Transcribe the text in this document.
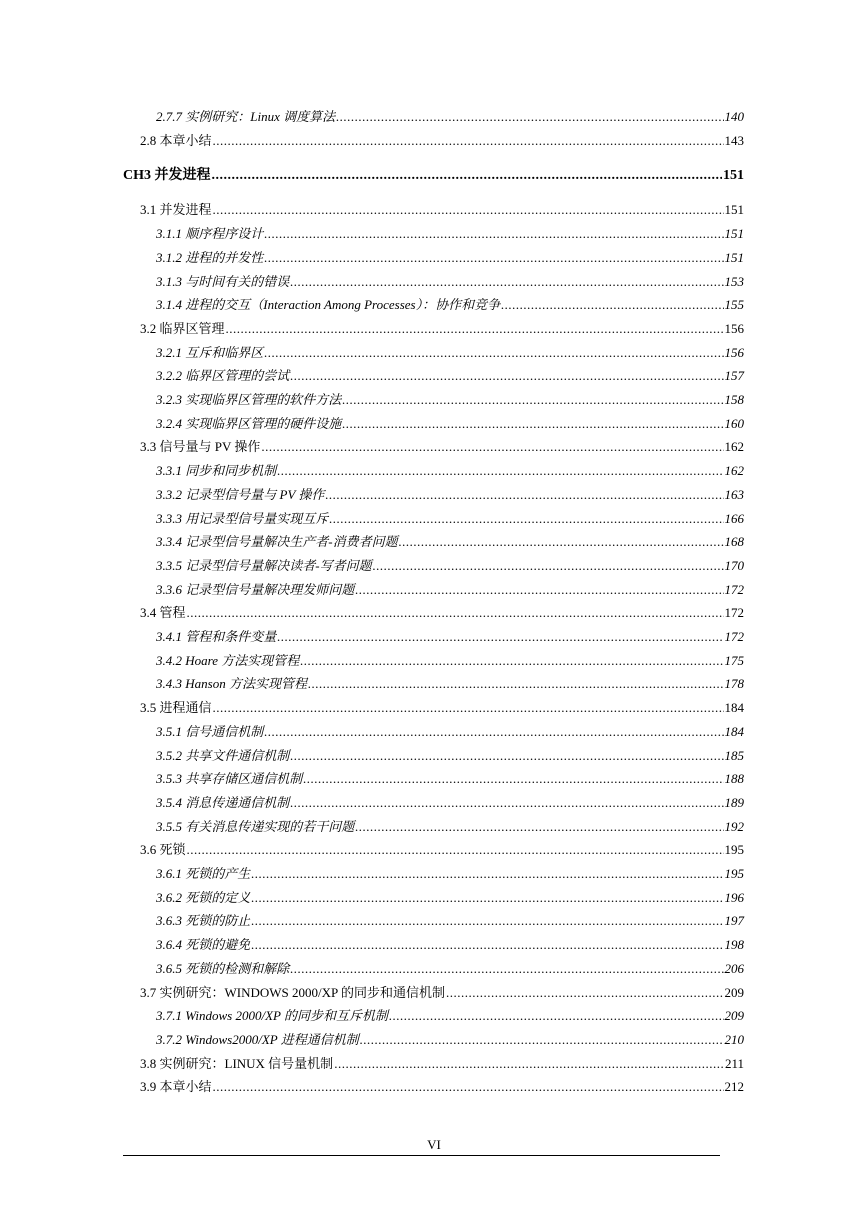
2.7.7 实例研究：Linux 调度算法 .....	140
2.8 本章小结 .....	143
CH3 并发进程 .....	151
3.1 并发进程 .....	151
3.1.1 顺序程序设计 .....	151
3.1.2 进程的并发性 .....	151
3.1.3 与时间有关的错误 .....	153
3.1.4 进程的交互（Interaction Among Processes）：协作和竞争 .....	155
3.2 临界区管理 .....	156
3.2.1 互斥和临界区 .....	156
3.2.2 临界区管理的尝试 .....	157
3.2.3 实现临界区管理的软件方法 .....	158
3.2.4 实现临界区管理的硬件设施 .....	160
3.3 信号量与 PV 操作 .....	162
3.3.1 同步和同步机制 .....	162
3.3.2 记录型信号量与 PV 操作 .....	163
3.3.3 用记录型信号量实现互斥 .....	166
3.3.4 记录型信号量解决生产者-消费者问题 .....	168
3.3.5 记录型信号量解决读者-写者问题 .....	170
3.3.6 记录型信号量解决理发师问题 .....	172
3.4 管程 .....	172
3.4.1 管程和条件变量 .....	172
3.4.2 Hoare 方法实现管程 .....	175
3.4.3 Hanson 方法实现管程 .....	178
3.5 进程通信 .....	184
3.5.1 信号通信机制 .....	184
3.5.2 共享文件通信机制 .....	185
3.5.3 共享存储区通信机制 .....	188
3.5.4 消息传递通信机制 .....	189
3.5.5 有关消息传递实现的若干问题 .....	192
3.6 死锁 .....	195
3.6.1 死锁的产生 .....	195
3.6.2 死锁的定义 .....	196
3.6.3 死锁的防止 .....	197
3.6.4 死锁的避免 .....	198
3.6.5 死锁的检测和解除 .....	206
3.7 实例研究：WINDOWS 2000/XP 的同步和通信机制 .....	209
3.7.1 Windows 2000/XP 的同步和互斥机制 .....	209
3.7.2 Windows2000/XP 进程通信机制 .....	210
3.8 实例研究：LINUX 信号量机制 .....	211
3.9 本章小结 .....	212
VI
